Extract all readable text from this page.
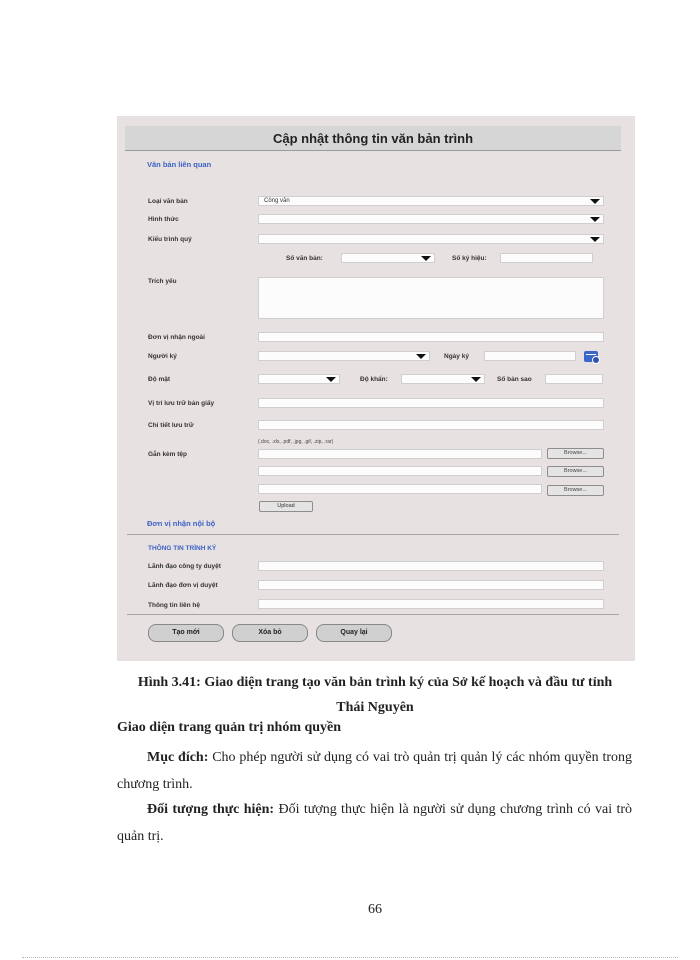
Cập nhật thông tin văn bản trình
Văn bản liên quan
Loại văn bản	Công văn
Hình thức
Kiểu trình quý
Số văn bản:	Số ký hiệu:
Trích yếu
Đơn vị nhận ngoài
Người ký	Ngày ký
Độ mật	Độ khẩn:	Số bản sao
Vị trí lưu trữ bản giấy
Chi tiết lưu trữ
(.doc, .xls, .pdf, .jpg, .gif, .zip, .rar)
Gắn kèm tệp	Browse...
Browse...
Browse...
Upload
Đơn vị nhận nội bộ
THÔNG TIN TRÌNH KÝ
Lãnh đạo công ty duyệt
Lãnh đạo đơn vị duyệt
Thông tin liên hệ
Tạo mới	Xóa bỏ	Quay lại
Hình 3.41: Giao diện trang tạo văn bản trình ký của Sở kế hoạch và đầu tư tỉnh
Thái Nguyên
Giao diện trang quản trị nhóm quyền
Mục đích: Cho phép người sử dụng có vai trò quản trị quản lý các nhóm quyền trong chương trình.
Đối tượng thực hiện: Đối tượng thực hiện là người sử dụng chương trình có vai trò quản trị.
66
